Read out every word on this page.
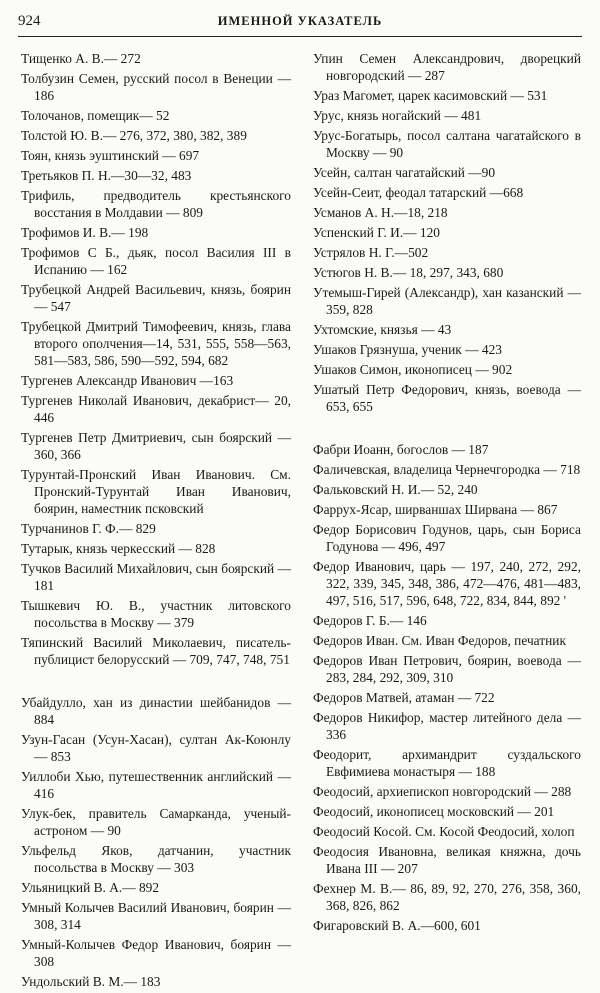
924	ИМЕННОЙ УКАЗАТЕЛЬ

Тищенко А. В.— 272

Толбузин Семен, русский посол в Венеции — 186

Толочанов, помещик— 52

Толстой Ю. В.— 276, 372, 380, 382, 389

Тоян, князь эуштинский — 697

Третьяков П. Н.—30—32, 483

Трифиль, предводитель крестьянского восстания в Молдавии — 809

Трофимов И. В.— 198

Трофимов С Б., дьяк, посол Василия III в Испанию — 162

Трубецкой Андрей Васильевич, князь, боярин — 547

Трубецкой Дмитрий Тимофеевич, князь, глава второго ополчения—14, 531, 555, 558—563, 581—583, 586, 590—592, 594, 682

Тургенев Александр Иванович —163

Тургенев Николай Иванович, декабрист— 20, 446

Тургенев Петр Дмитриевич, сын боярский — 360, 366

Турунтай-Пронский Иван Иванович. См. Пронский-Турунтай Иван Иванович, боярин, наместник псковский

Турчанинов Г. Ф.— 829

Тутарык, князь черкесский — 828

Тучков Василий Михайлович, сын боярский — 181

Тышкевич Ю. В., участник литовского посольства в Москву — 379

Тяпинский Василий Миколаевич, писатель-публицист белорусский — 709, 747, 748, 751

Убайдулло, хан из династии шейбанидов — 884

Узун-Гасан (Усун-Хасан), султан Ак-Коюнлу — 853

Уиллоби Хью, путешественник английский — 416

Улук-бек, правитель Самарканда, ученый-астроном — 90

Ульфельд Яков, датчанин, участник посольства в Москву — 303

Ульяницкий В. А.— 892

Умный Колычев Василий Иванович, боярин — 308, 314

Умный-Колычев Федор Иванович, боярин — 308

Ундольский В. М.— 183

Упин Семен Александрович, дворецкий новгородский — 287

Ураз Магомет, царек касимовский — 531

Урус, князь ногайский — 481

Урус-Богатырь, посол салтана чагатайского в Москву — 90

Усейн, салтан чагатайский —90

Усейн-Сеит, феодал татарский —668

Усманов А. Н.—18, 218

Успенский Г. И.— 120

Устрялов Н. Г.—502

Устюгов Н. В.— 18, 297, 343, 680

Утемыш-Гирей (Александр), хан казанский — 359, 828

Ухтомские, князья — 43

Ушаков Грязнуша, ученик — 423

Ушаков Симон, иконописец — 902

Ушатый Петр Федорович, князь, воевода — 653, 655

Фабри Иоанн, богослов — 187

Фаличевская, владелица Чернечгородка — 718

Фальковский Н. И.— 52, 240

Фаррух-Ясар, ширваншах Ширвана — 867

Федор Борисович Годунов, царь, сын Бориса Годунова — 496, 497

Федор Иванович, царь — 197, 240, 272, 292, 322, 339, 345, 348, 386, 472—476, 481—483, 497, 516, 517, 596, 648, 722, 834, 844, 892 '

Федоров Г. Б.— 146

Федоров Иван. См. Иван Федоров, печатник

Федоров Иван Петрович, боярин, воевода — 283, 284, 292, 309, 310

Федоров Матвей, атаман — 722

Федоров Никифор, мастер литейного дела — 336

Феодорит, архимандрит суздальского Евфимиева монастыря — 188

Феодосий, архиепископ новгородский — 288

Феодосий, иконописец московский — 201

Феодосий Косой. См. Косой Феодосий, холоп

Феодосия Ивановна, великая княжна, дочь Ивана III — 207

Фехнер М. В.— 86, 89, 92, 270, 276, 358, 360, 368, 826, 862

Фигаровский В. А.—600, 601
